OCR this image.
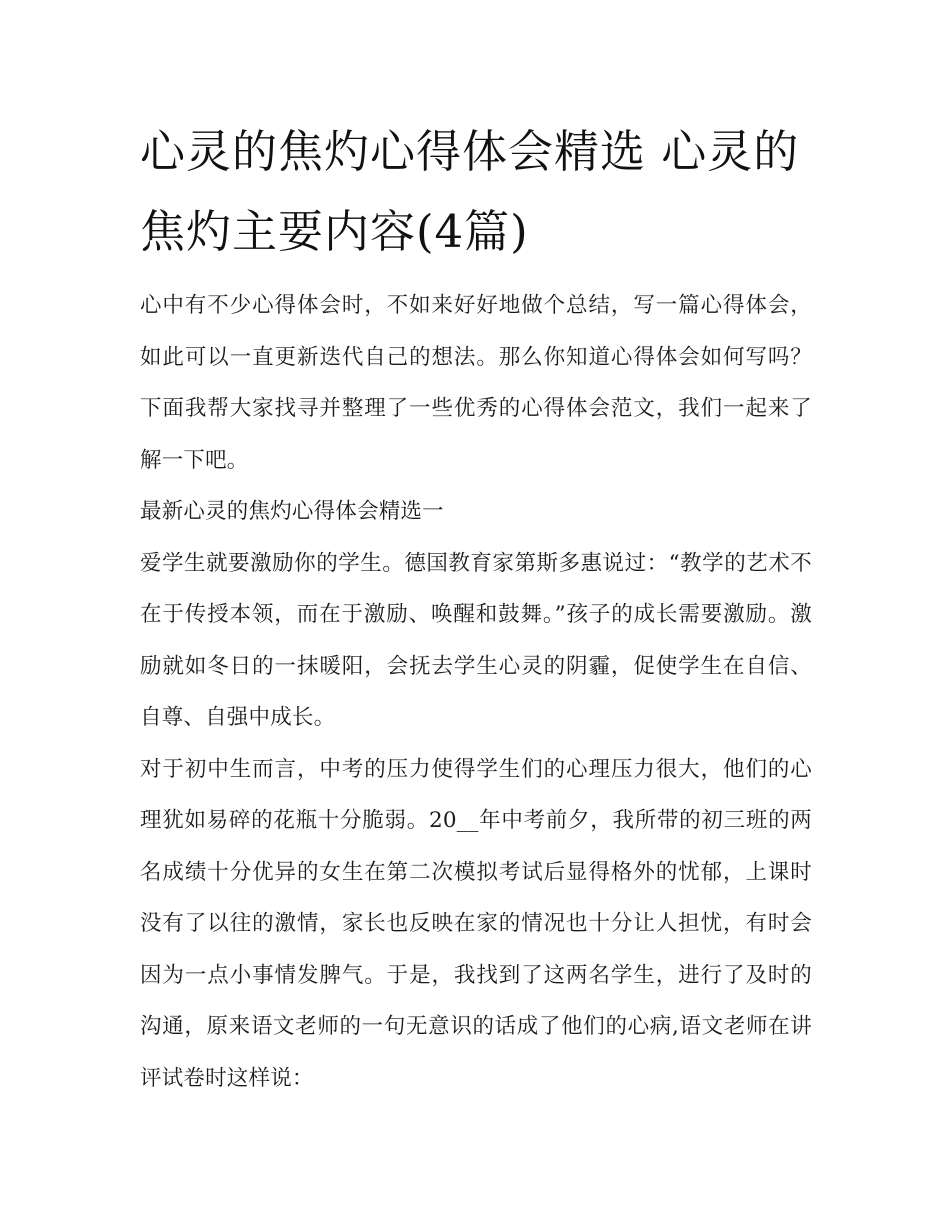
心灵的焦灼心得体会精选 心灵的焦灼主要内容(4篇)

心中有不少心得体会时，不如来好好地做个总结，写一篇心得体会，如此可以一直更新迭代自己的想法。那么你知道心得体会如何写吗？下面我帮大家找寻并整理了一些优秀的心得体会范文，我们一起来了解一下吧。

最新心灵的焦灼心得体会精选一

爱学生就要激励你的学生。德国教育家第斯多惠说过：“教学的艺术不在于传授本领，而在于激励、唤醒和鼓舞。”孩子的成长需要激励。激励就如冬日的一抹暖阳，会抚去学生心灵的阴霾，促使学生在自信、自尊、自强中成长。

对于初中生而言，中考的压力使得学生们的心理压力很大，他们的心理犹如易碎的花瓶十分脆弱。20__年中考前夕，我所带的初三班的两名成绩十分优异的女生在第二次模拟考试后显得格外的忧郁，上课时没有了以往的激情，家长也反映在家的情况也十分让人担忧，有时会因为一点小事情发脾气。于是，我找到了这两名学生，进行了及时的沟通，原来语文老师的一句无意识的话成了他们的心病,语文老师在讲评试卷时这样说：
